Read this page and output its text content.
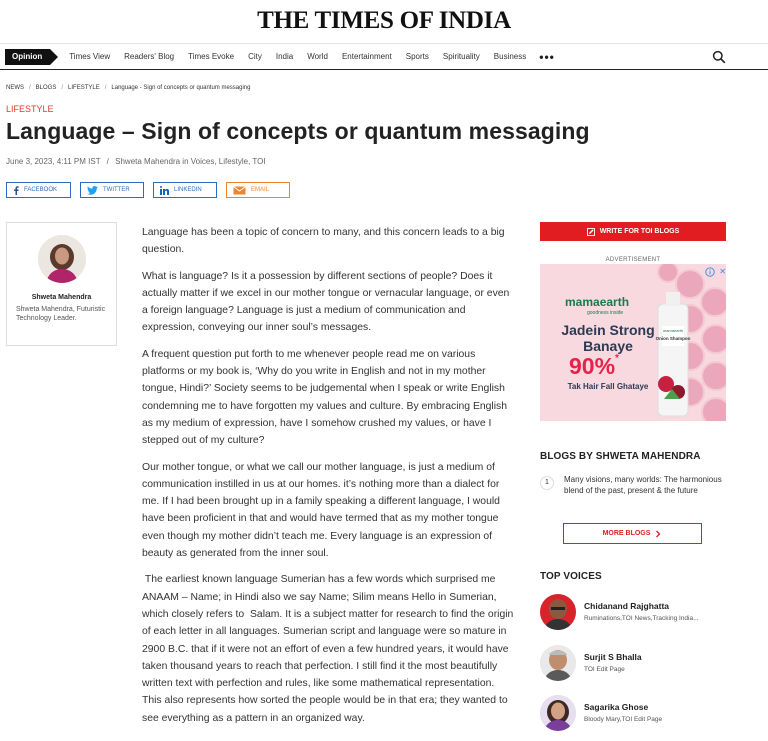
THE TIMES OF INDIA
Opinion	Times View Readers' Blog Times Evoke City India World Entertainment Sports Spirituality Business •••
NEWS / BLOGS / LIFESTYLE / Language - Sign of concepts or quantum messaging
LIFESTYLE
Language – Sign of concepts or quantum messaging
June 3, 2023, 4:11 PM IST / Shweta Mahendra in Voices, Lifestyle, TOI
FACEBOOK	TWITTER	LINKEDIN	EMAIL
Shweta Mahendra
Shweta Mahendra, Futuristic Technology Leader.

Language has been a topic of concern to many, and this concern leads to a big question.

What is language? Is it a possession by different sections of people? Does it actually matter if we excel in our mother tongue or vernacular language, or even a foreign language? Language is just a medium of communication and expression, conveying our inner soul’s messages.

A frequent question put forth to me whenever people read me on various platforms or my book is, ‘Why do you write in English and not in my mother tongue, Hindi?’ Society seems to be judgemental when I speak or write English condemning me to have forgotten my values and culture. By embracing English as my medium of expression, have I somehow crushed my values, or have I stepped out of my culture?

Our mother tongue, or what we call our mother language, is just a medium of communication instilled in us at our homes. it’s nothing more than a dialect for me. If I had been brought up in a family speaking a different language, I would have been proficient in that and would have termed that as my mother tongue even though my mother didn’t teach me. Every language is an expression of beauty as generated from the inner soul.

The earliest known language Sumerian has a few words which surprised me ANAAM – Name; in Hindi also we say Name; Silim means Hello in Sumerian, which closely refers to  Salam. It is a subject matter for research to find the origin of each letter in all languages. Sumerian script and language were so mature in 2900 B.C. that if it were not an effort of even a few hundred years, it would have taken thousand years to reach that perfection. I still find it the most beautifully written text with perfection and rules, like some mathematical representation. This also represents how sorted the people would be in that era; they wanted to see everything as a pattern in an organized way.

WRITE FOR TOI BLOGS
ADVERTISEMENT
mamaearth
Onion Shampoo
mamaearth
goodness inside
Jadein Strong Banaye
90%*
Tak Hair Fall Ghataye
✕
BLOGS BY SHWETA MAHENDRA
1	Many visions, many worlds: The harmonious blend of the past, present & the future
MORE BLOGS
TOP VOICES
Chidanand Rajghatta
Ruminations,TOI News,Tracking India...
Surjit S Bhalla
TOI Edit Page
Sagarika Ghose
Bloody Mary,TOI Edit Page
